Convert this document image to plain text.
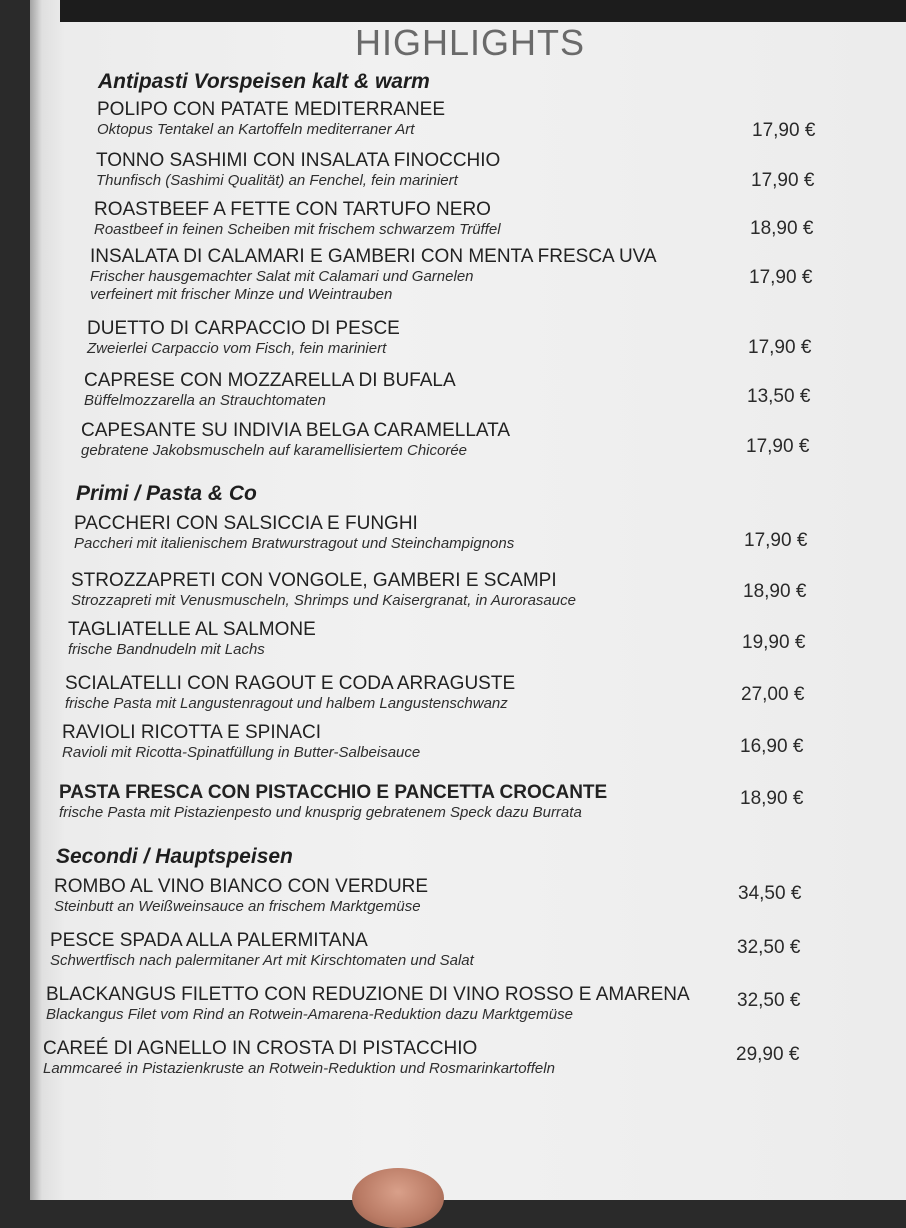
HIGHLIGHTS
Antipasti Vorspeisen kalt & warm
POLIPO CON PATATE MEDITERRANEE
Oktopus Tentakel an Kartoffeln mediterraner Art	17,90 €
TONNO SASHIMI CON INSALATA FINOCCHIO
Thunfisch (Sashimi Qualität) an Fenchel, fein mariniert	17,90 €
ROASTBEEF A FETTE CON TARTUFO NERO
Roastbeef in feinen Scheiben mit frischem schwarzem Trüffel	18,90 €
INSALATA DI CALAMARI E GAMBERI CON MENTA FRESCA UVA
Frischer hausgemachter Salat mit Calamari und Garnelen
verfeinert mit frischer Minze und Weintrauben
17,90 €
DUETTO DI CARPACCIO DI PESCE
Zweierlei Carpaccio vom Fisch, fein mariniert	17,90 €
CAPRESE CON MOZZARELLA DI BUFALA
Büffelmozzarella an Strauchtomaten	13,50 €
CAPESANTE SU INDIVIA BELGA CARAMELLATA
gebratene Jakobsmuscheln auf karamellisiertem Chicorée	17,90 €
Primi / Pasta & Co
PACCHERI CON SALSICCIA E FUNGHI
Paccheri mit italienischem Bratwurstragout und Steinchampignons	17,90 €
STROZZAPRETI CON VONGOLE, GAMBERI E SCAMPI
Strozzapreti mit Venusmuscheln, Shrimps und Kaisergranat, in Aurorasauce	18,90 €
TAGLIATELLE AL SALMONE
frische Bandnudeln mit Lachs	19,90 €
SCIALATELLI CON RAGOUT E CODA ARRAGUSTE
frische Pasta mit Langustenragout und halbem Langustenschwanz	27,00 €
RAVIOLI RICOTTA E SPINACI
Ravioli mit Ricotta-Spinatfüllung in Butter-Salbeisauce	16,90 €
PASTA FRESCA CON PISTACCHIO E PANCETTA CROCANTE
frische Pasta mit Pistazienpesto und knusprig gebratenem Speck dazu Burrata
18,90 €
Secondi / Hauptspeisen
ROMBO AL VINO BIANCO CON VERDURE
Steinbutt an Weißweinsauce an frischem Marktgemüse
34,50 €
PESCE SPADA ALLA PALERMITANA
Schwertfisch nach palermitaner Art mit Kirschtomaten und Salat
32,50 €
BLACKANGUS FILETTO CON REDUZIONE DI VINO ROSSO E AMARENA
Blackangus Filet vom Rind an Rotwein-Amarena-Reduktion dazu Marktgemüse
32,50 €
CAREÉ DI AGNELLO IN CROSTA DI PISTACCHIO
Lammcareé in Pistazienkruste an Rotwein-Reduktion und Rosmarinkartoffeln
29,90 €
